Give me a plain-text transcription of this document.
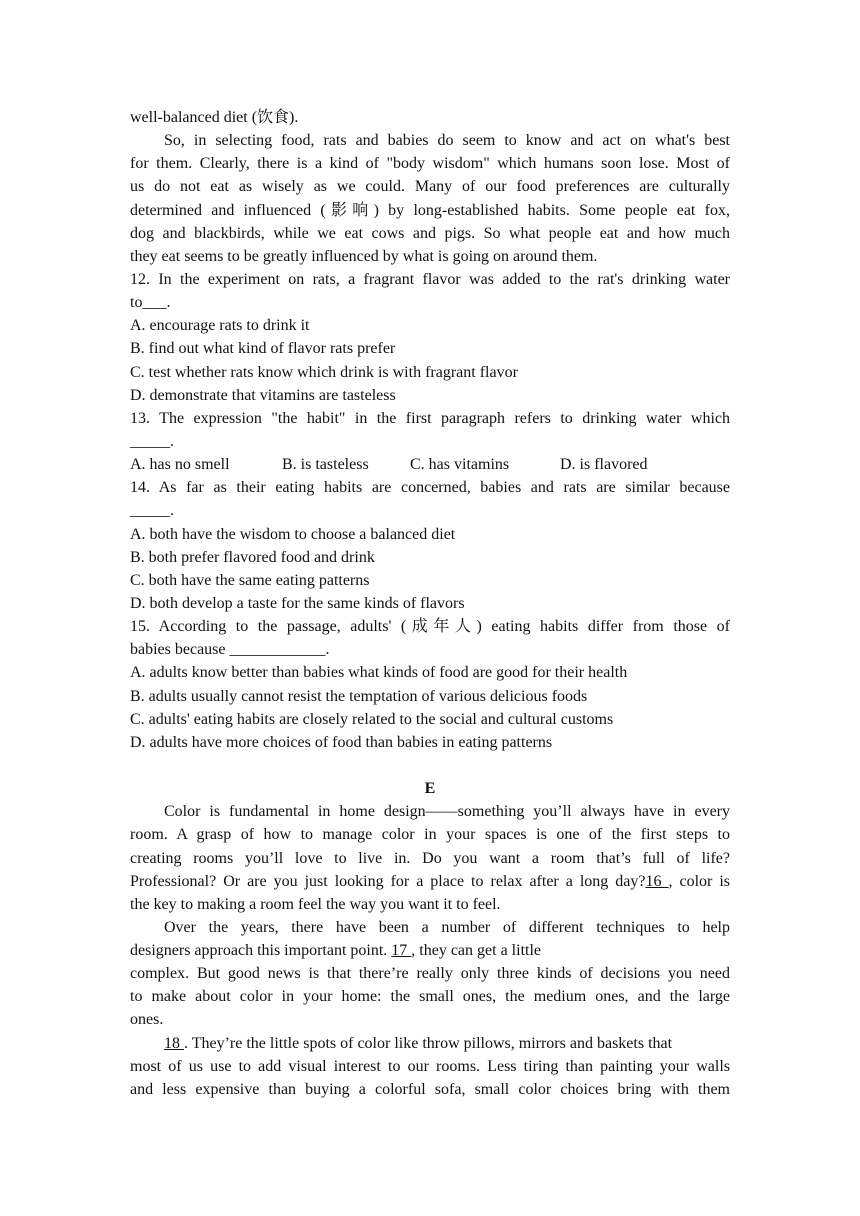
well-balanced diet (饮食).
So, in selecting food, rats and babies do seem to know and act on what's best
for them. Clearly, there is a kind of "body wisdom" which humans soon lose. Most of
us do not eat as wisely as we could. Many of our food preferences are culturally
determined and influenced (影响) by long-established habits. Some people eat fox,
dog and blackbirds, while we eat cows and pigs. So what people eat and how much
they eat seems to be greatly influenced by what is going on around them.
12. In the experiment on rats, a fragrant flavor was added to the rat's drinking water
to___.
A. encourage rats to drink it
B. find out what kind of flavor rats prefer
C. test whether rats know which drink is with fragrant flavor
D. demonstrate that vitamins are tasteless
13. The expression "the habit" in the first paragraph refers to drinking water which
_____.
A. has no smell	B. is tasteless	C. has vitamins	D. is flavored
14. As far as their eating habits are concerned, babies and rats are similar because
_____.
A. both have the wisdom to choose a balanced diet
B. both prefer flavored food and drink
C. both have the same eating patterns
D. both develop a taste for the same kinds of flavors
15. According to the passage, adults' (成年人) eating habits differ from those of
babies because ____________.
A. adults know better than babies what kinds of food are good for their health
B. adults usually cannot resist the temptation of various delicious foods
C. adults' eating habits are closely related to the social and cultural customs
D. adults have more choices of food than babies in eating patterns
E
Color is fundamental in home design——something you’ll always have in every
room. A grasp of how to manage color in your spaces is one of the first steps to
creating rooms you’ll love to live in. Do you want a room that’s full of life?
Professional? Or are you just looking for a place to relax after a long day?16 , color is
the key to making a room feel the way you want it to feel.
Over the years, there have been a number of different techniques to help
designers approach this important point. 17 , they can get a little
complex. But good news is that there’re really only three kinds of decisions you need
to make about color in your home: the small ones, the medium ones, and the large
ones.
18 . They’re the little spots of color like throw pillows, mirrors and baskets that
most of us use to add visual interest to our rooms. Less tiring than painting your walls
and less expensive than buying a colorful sofa, small color choices bring with them
